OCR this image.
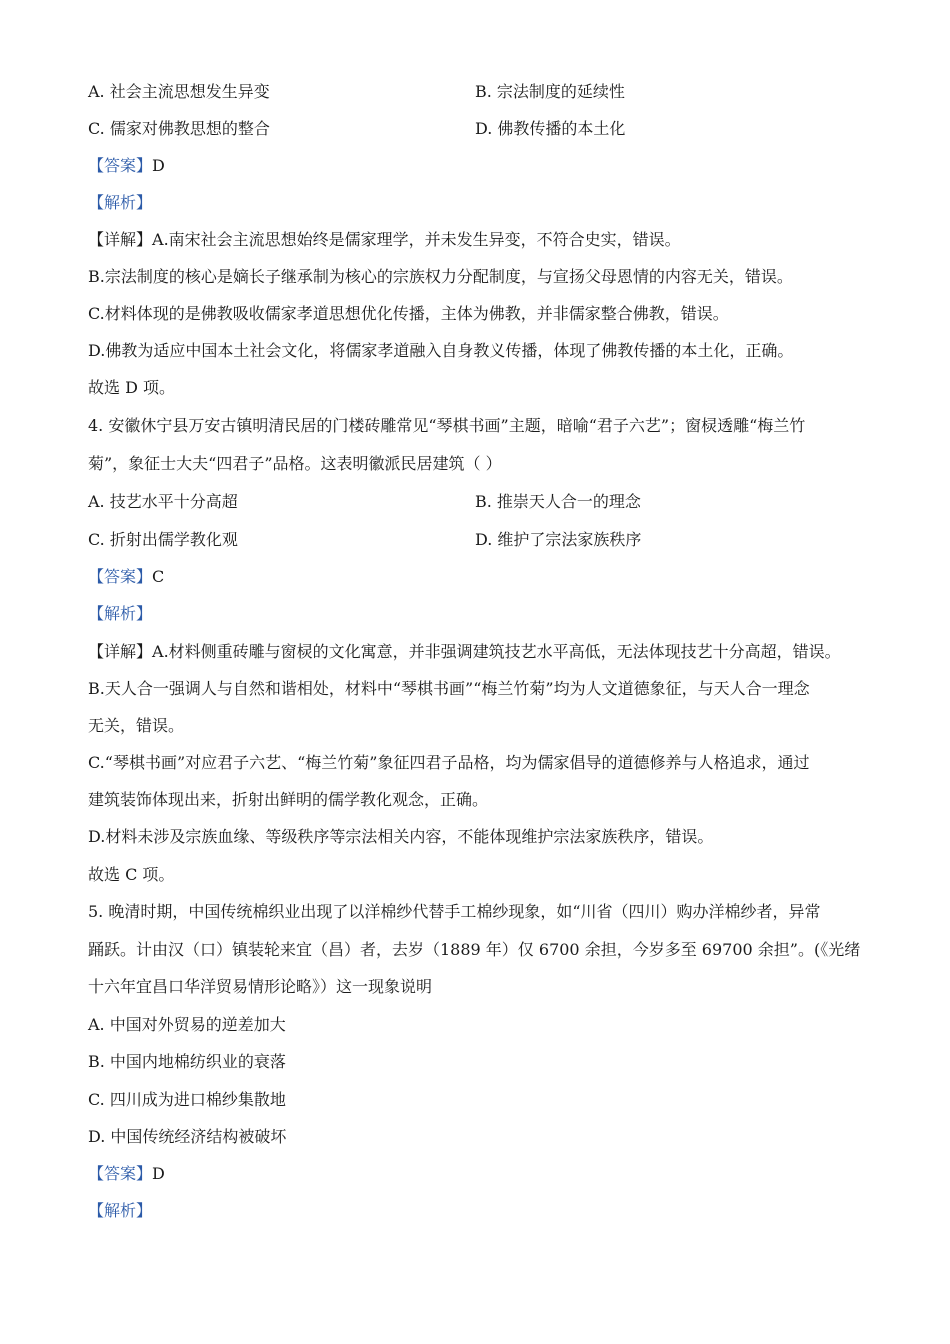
A. 社会主流思想发生异变	B. 宗法制度的延续性
C. 儒家对佛教思想的整合	D. 佛教传播的本土化
【答案】D
【解析】
【详解】A.南宋社会主流思想始终是儒家理学，并未发生异变，不符合史实，错误。
B.宗法制度的核心是嫡长子继承制为核心的宗族权力分配制度，与宣扬父母恩情的内容无关，错误。
C.材料体现的是佛教吸收儒家孝道思想优化传播，主体为佛教，并非儒家整合佛教，错误。
D.佛教为适应中国本土社会文化，将儒家孝道融入自身教义传播，体现了佛教传播的本土化，正确。
故选 D 项。
4. 安徽休宁县万安古镇明清民居的门楼砖雕常见“琴棋书画”主题，暗喻“君子六艺”；窗棂透雕“梅兰竹
菊”，象征士大夫“四君子”品格。这表明徽派民居建筑（ ）
A. 技艺水平十分高超	B. 推崇天人合一的理念
C. 折射出儒学教化观	D. 维护了宗法家族秩序
【答案】C
【解析】
【详解】A.材料侧重砖雕与窗棂的文化寓意，并非强调建筑技艺水平高低，无法体现技艺十分高超，错误。
B.天人合一强调人与自然和谐相处，材料中“琴棋书画”“梅兰竹菊”均为人文道德象征，与天人合一理念
无关，错误。
C.“琴棋书画”对应君子六艺、“梅兰竹菊”象征四君子品格，均为儒家倡导的道德修养与人格追求，通过
建筑装饰体现出来，折射出鲜明的儒学教化观念，正确。
D.材料未涉及宗族血缘、等级秩序等宗法相关内容，不能体现维护宗法家族秩序，错误。
故选 C 项。
5. 晚清时期，中国传统棉织业出现了以洋棉纱代替手工棉纱现象，如“川省（四川）购办洋棉纱者，异常
踊跃。计由汉（口）镇装轮来宜（昌）者，去岁（1889 年）仅 6700 余担，今岁多至 69700 余担”。(《光绪
十六年宜昌口华洋贸易情形论略》）这一现象说明
A. 中国对外贸易的逆差加大
B. 中国内地棉纺织业的衰落
C. 四川成为进口棉纱集散地
D. 中国传统经济结构被破坏
【答案】D
【解析】
